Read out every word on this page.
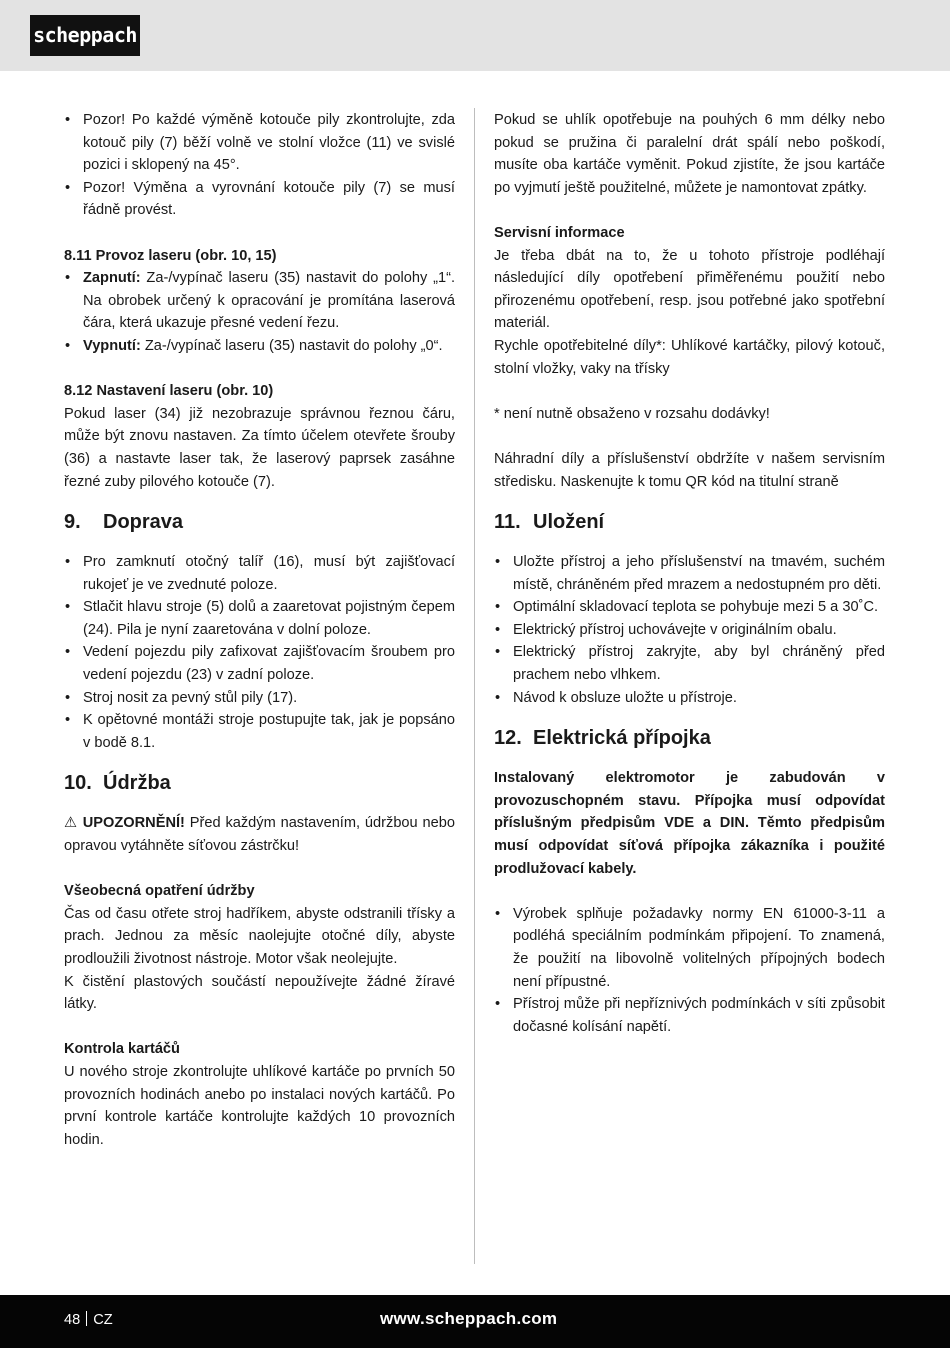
scheppach
• Pozor! Po každé výměně kotouče pily zkontrolujte, zda kotouč pily (7) běží volně ve stolní vložce (11) ve svislé pozici i sklopený na 45°.
• Pozor! Výměna a vyrovnání kotouče pily (7) se musí řádně provést.
8.11 Provoz laseru (obr. 10, 15)
• Zapnutí: Za-/vypínač laseru (35) nastavit do polohy „1“. Na obrobek určený k opracování je promítána laserová čára, která ukazuje přesné vedení řezu.
• Vypnutí: Za-/vypínač laseru (35) nastavit do polohy „0“.
8.12 Nastavení laseru (obr. 10)

Pokud laser (34) již nezobrazuje správnou řeznou čáru, může být znovu nastaven. Za tímto účelem otevřete šrouby (36) a nastavte laser tak, že laserový paprsek zasáhne řezné zuby pilového kotouče (7).

9. Doprava
• Pro zamknutí otočný talíř (16), musí být zajišťovací rukojeť je ve zvednuté poloze.
• Stlačit hlavu stroje (5) dolů a zaaretovat pojistným čepem (24). Pila je nyní zaaretována v dolní poloze.
• Vedení pojezdu pily zafixovat zajišťovacím šroubem pro vedení pojezdu (23) v zadní poloze.
• Stroj nosit za pevný stůl pily (17).
• K opětovné montáži stroje postupujte tak, jak je popsáno v bodě 8.1.
10. Údržba

⚠ UPOZORNĚNÍ! Před každým nastavením, údržbou nebo opravou vytáhněte síťovou zástrčku!

Všeobecná opatření údržby

Čas od času otřete stroj hadříkem, abyste odstranili třísky a prach. Jednou za měsíc naolejujte otočné díly, abyste prodloužili životnost nástroje. Motor však neolejujte.

K čistění plastových součástí nepoužívejte žádné žíravé látky.

Kontrola kartáčů

U nového stroje zkontrolujte uhlíkové kartáče po prvních 50 provozních hodinách anebo po instalaci nových kartáčů. Po první kontrole kartáče kontrolujte každých 10 provozních hodin.

Pokud se uhlík opotřebuje na pouhých 6 mm délky nebo pokud se pružina či paralelní drát spálí nebo poškodí, musíte oba kartáče vyměnit. Pokud zjistíte, že jsou kartáče po vyjmutí ještě použitelné, můžete je namontovat zpátky.

Servisní informace

Je třeba dbát na to, že u tohoto přístroje podléhají následující díly opotřebení přiměřenému použití nebo přirozenému opotřebení, resp. jsou potřebné jako spotřební materiál.

Rychle opotřebitelné díly*: Uhlíkové kartáčky, pilový kotouč, stolní vložky, vaky na třísky

* není nutně obsaženo v rozsahu dodávky!

Náhradní díly a příslušenství obdržíte v našem servisním středisku. Naskenujte k tomu QR kód na titulní straně

11. Uložení
• Uložte přístroj a jeho příslušenství na tmavém, suchém místě, chráněném před mrazem a nedostupném pro děti.
• Optimální skladovací teplota se pohybuje mezi 5 a 30˚C.
• Elektrický přístroj uchovávejte v originálním obalu.
• Elektrický přístroj zakryjte, aby byl chráněný před prachem nebo vlhkem.
• Návod k obsluze uložte u přístroje.
12. Elektrická přípojka

Instalovaný elektromotor je zabudován v provozuschopném stavu. Přípojka musí odpovídat příslušným předpisům VDE a DIN. Těmto předpisům musí odpovídat síťová přípojka zákazníka i použité prodlužovací kabely.

• Výrobek splňuje požadavky normy EN 61000-3-11 a podléhá speciálním podmínkám připojení. To znamená, že použití na libovolně volitelných přípojných bodech není přípustné.
• Přístroj může při nepříznivých podmínkách v síti způsobit dočasné kolísání napětí.
48 CZ	www.scheppach.com
